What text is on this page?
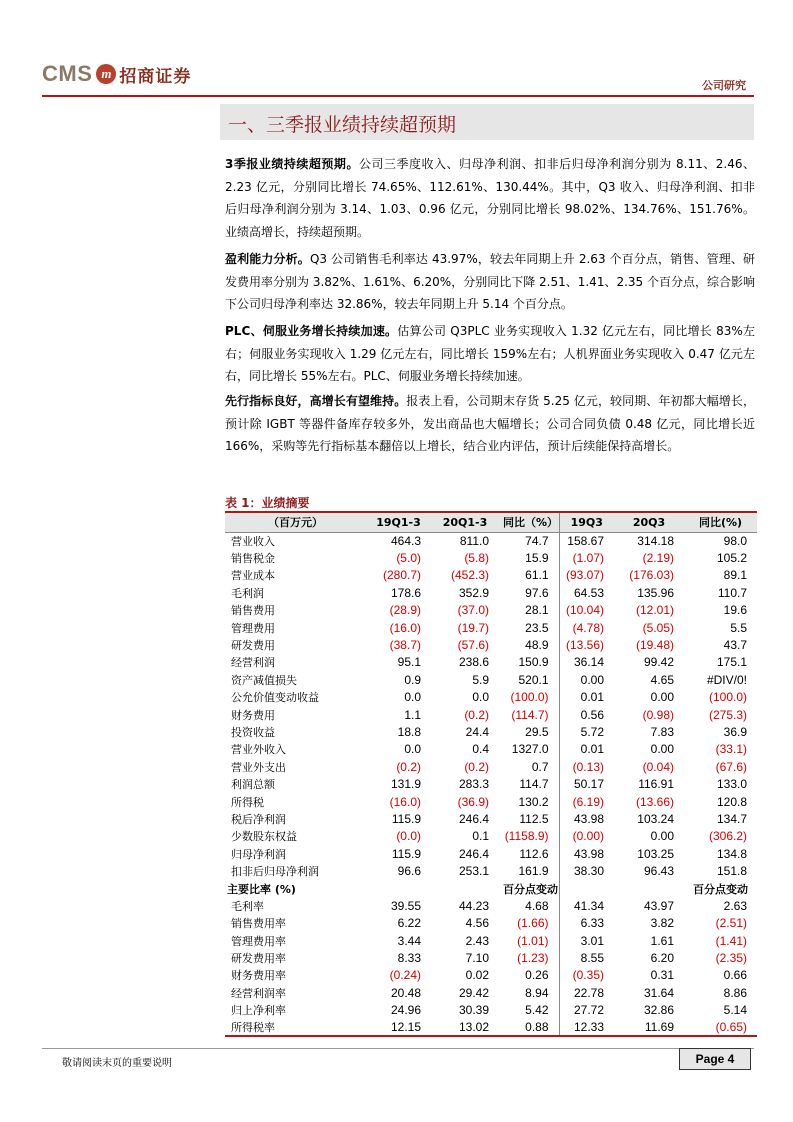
CMS m 招商证券	公司研究
一、三季报业绩持续超预期
3季报业绩持续超预期。公司三季度收入、归母净利润、扣非后归母净利润分别为 8.11、2.46、2.23 亿元，分别同比增长 74.65%、112.61%、130.44%。其中，Q3 收入、归母净利润、扣非后归母净利润分别为 3.14、1.03、0.96 亿元，分别同比增长 98.02%、134.76%、151.76%。业绩高增长，持续超预期。
盈利能力分析。Q3 公司销售毛利率达 43.97%，较去年同期上升 2.63 个百分点，销售、管理、研发费用率分别为 3.82%、1.61%、6.20%，分别同比下降 2.51、1.41、2.35 个百分点，综合影响下公司归母净利率达 32.86%，较去年同期上升 5.14 个百分点。
PLC、伺服业务增长持续加速。估算公司 Q3PLC 业务实现收入 1.32 亿元左右，同比增长 83%左右；伺服业务实现收入 1.29 亿元左右，同比增长 159%左右；人机界面业务实现收入 0.47 亿元左右，同比增长 55%左右。PLC、伺服业务增长持续加速。
先行指标良好，高增长有望维持。报表上看，公司期末存货 5.25 亿元，较同期、年初都大幅增长，预计除 IGBT 等器件备库存较多外，发出商品也大幅增长；公司合同负债 0.48 亿元，同比增长近 166%，采购等先行指标基本翻倍以上增长，结合业内评估，预计后续能保持高增长。
表 1：业绩摘要
（百万元）	19Q1-3	20Q1-3	同比（%）	19Q3	20Q3	同比(%)
营业收入	464.3	811.0	74.7	158.67	314.18	98.0
销售税金	(5.0)	(5.8)	15.9	(1.07)	(2.19)	105.2
营业成本	(280.7)	(452.3)	61.1	(93.07)	(176.03)	89.1
毛利润	178.6	352.9	97.6	64.53	135.96	110.7
销售费用	(28.9)	(37.0)	28.1	(10.04)	(12.01)	19.6
管理费用	(16.0)	(19.7)	23.5	(4.78)	(5.05)	5.5
研发费用	(38.7)	(57.6)	48.9	(13.56)	(19.48)	43.7
经营利润	95.1	238.6	150.9	36.14	99.42	175.1
资产减值损失	0.9	5.9	520.1	0.00	4.65	#DIV/0!
公允价值变动收益	0.0	0.0	(100.0)	0.01	0.00	(100.0)
财务费用	1.1	(0.2)	(114.7)	0.56	(0.98)	(275.3)
投资收益	18.8	24.4	29.5	5.72	7.83	36.9
营业外收入	0.0	0.4	1327.0	0.01	0.00	(33.1)
营业外支出	(0.2)	(0.2)	0.7	(0.13)	(0.04)	(67.6)
利润总额	131.9	283.3	114.7	50.17	116.91	133.0
所得税	(16.0)	(36.9)	130.2	(6.19)	(13.66)	120.8
税后净利润	115.9	246.4	112.5	43.98	103.24	134.7
少数股东权益	(0.0)	0.1	(1158.9)	(0.00)	0.00	(306.2)
归母净利润	115.9	246.4	112.6	43.98	103.25	134.8
扣非后归母净利润	96.6	253.1	161.9	38.30	96.43	151.8
主要比率 (%)			百分点变动			百分点变动
毛利率	39.55	44.23	4.68	41.34	43.97	2.63
销售费用率	6.22	4.56	(1.66)	6.33	3.82	(2.51)
管理费用率	3.44	2.43	(1.01)	3.01	1.61	(1.41)
研发费用率	8.33	7.10	(1.23)	8.55	6.20	(2.35)
财务费用率	(0.24)	0.02	0.26	(0.35)	0.31	0.66
经营利润率	20.48	29.42	8.94	22.78	31.64	8.86
归上净利率	24.96	30.39	5.42	27.72	32.86	5.14
所得税率	12.15	13.02	0.88	12.33	11.69	(0.65)
敬请阅读末页的重要说明	Page 4
